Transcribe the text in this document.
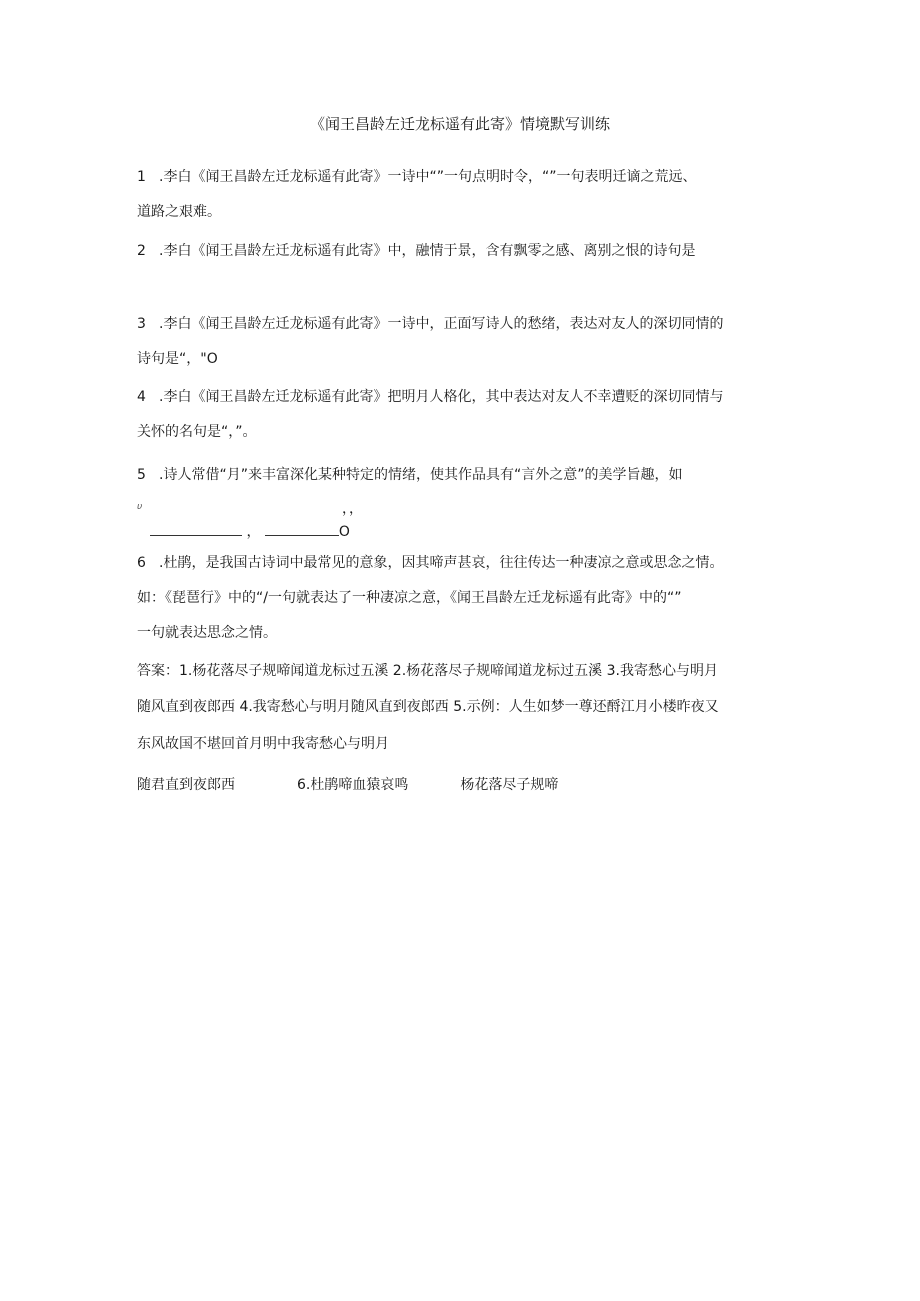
《闻王昌龄左迁龙标遥有此寄》情境默写训练
1 .李白《闻王昌龄左迁龙标遥有此寄》一诗中“”一句点明时令，“”一句表明迁谪之荒远、
道路之艰难。
2 .李白《闻王昌龄左迁龙标遥有此寄》中，融情于景，含有飘零之感、离别之恨的诗句是
3 .李白《闻王昌龄左迁龙标遥有此寄》一诗中，正面写诗人的愁绪，表达对友人的深切同情的
诗句是“，"O
4 .李白《闻王昌龄左迁龙标遥有此寄》把明月人格化，其中表达对友人不幸遭贬的深切同情与
关怀的名句是“，”。
5 .诗人常借“月”来丰富深化某种特定的情绪，使其作品具有“言外之意”的美学旨趣，如
υ	，，
，	O
6 .杜鹃，是我国古诗词中最常见的意象，因其啼声甚哀，往往传达一种凄凉之意或思念之情。
如：《琵琶行》中的“/一句就表达了一种凄凉之意，《闻王昌龄左迁龙标遥有此寄》中的“”
一句就表达思念之情。
答案：1.杨花落尽子规啼闻道龙标过五溪 2.杨花落尽子规啼闻道龙标过五溪 3.我寄愁心与明月
随风直到夜郎西 4.我寄愁心与明月随风直到夜郎西 5.示例：人生如梦一尊还酹江月小楼昨夜又
东风故国不堪回首月明中我寄愁心与明月
随君直到夜郎西	6.杜鹃啼血猿哀鸣	杨花落尽子规啼
